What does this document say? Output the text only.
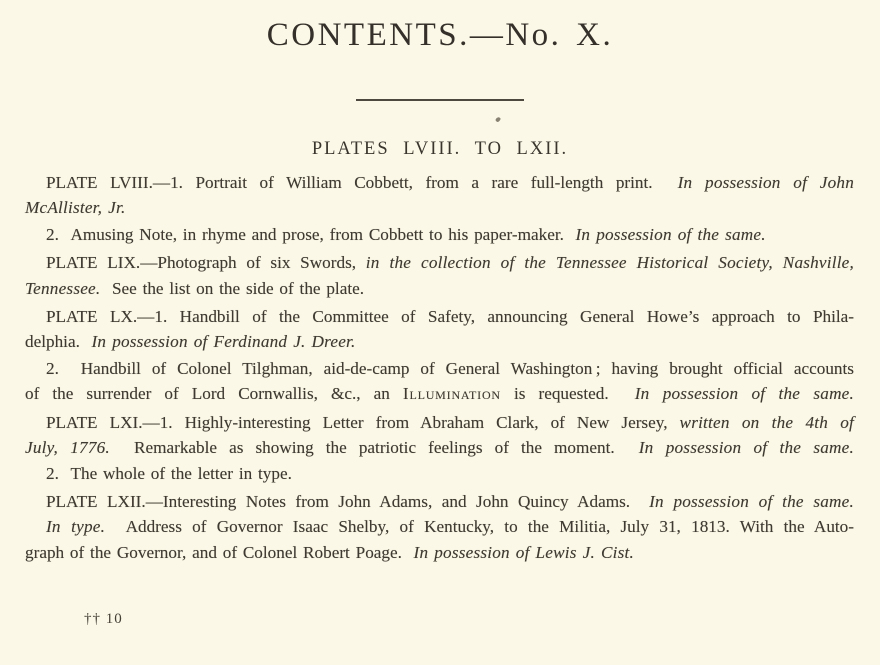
CONTENTS.—No. X.
PLATES LVIII. TO LXII.
PLATE LVIII.—1. Portrait of William Cobbett, from a rare full-length print.  In possession of John
McAllister, Jr.
2.  Amusing Note, in rhyme and prose, from Cobbett to his paper-maker.  In possession of the same.
PLATE LIX.—Photograph of six Swords, in the collection of the Tennessee Historical Society, Nashville,
Tennessee.  See the list on the side of the plate.
PLATE LX.—1. Handbill of the Committee of Safety, announcing General Howe’s approach to Phila-
delphia.  In possession of Ferdinand J. Dreer.
2.  Handbill of Colonel Tilghman, aid-de-camp of General Washington ; having brought official accounts
of the surrender of Lord Cornwallis, &c., an Illumination is requested.  In possession of the same.
PLATE LXI.—1. Highly-interesting Letter from Abraham Clark, of New Jersey, written on the 4th of
July, 1776.  Remarkable as showing the patriotic feelings of the moment.  In possession of the same.
2.  The whole of the letter in type.
PLATE LXII.—Interesting Notes from John Adams, and John Quincy Adams.  In possession of the same.
In type.  Address of Governor Isaac Shelby, of Kentucky, to the Militia, July 31, 1813. With the Auto-
graph of the Governor, and of Colonel Robert Poage.  In possession of Lewis J. Cist.
†† 10
